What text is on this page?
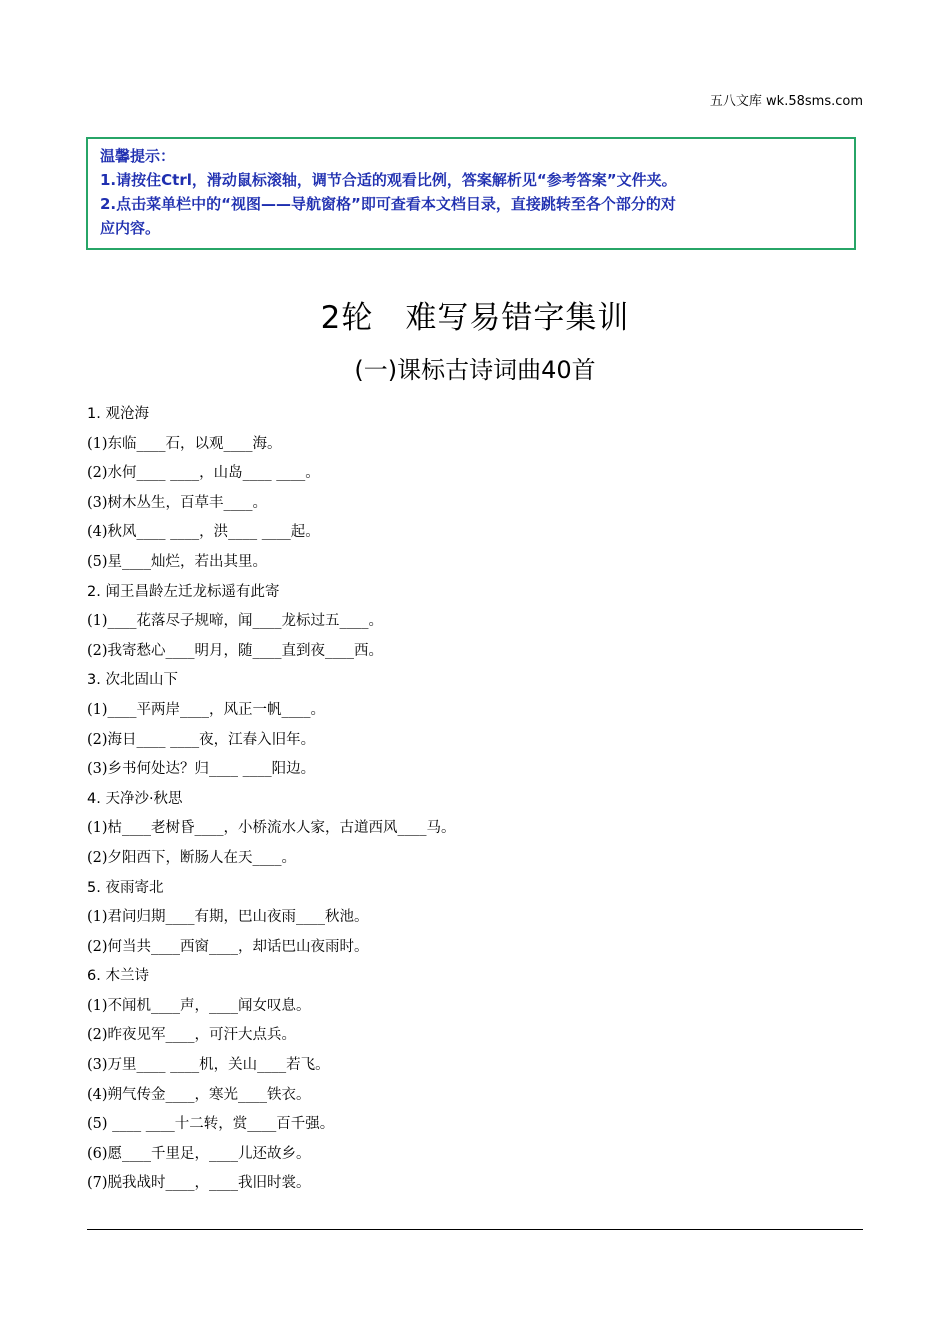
五八文库 wk.58sms.com
温馨提示：
1.请按住Ctrl，滑动鼠标滚轴，调节合适的观看比例，答案解析见“参考答案”文件夹。
2.点击菜单栏中的“视图——导航窗格”即可查看本文档目录，直接跳转至各个部分的对
应内容。
2轮　难写易错字集训
(一)课标古诗词曲40首
1. 观沧海
(1)东临____石，以观____海。
(2)水何____ ____，山岛____ ____。
(3)树木丛生，百草丰____。
(4)秋风____ ____，洪____ ____起。
(5)星____灿烂，若出其里。
2. 闻王昌龄左迁龙标遥有此寄
(1)____花落尽子规啼，闻____龙标过五____。
(2)我寄愁心____明月，随____直到夜____西。
3. 次北固山下
(1)____平两岸____，风正一帆____。
(2)海日____ ____夜，江春入旧年。
(3)乡书何处达？归____ ____阳边。
4. 天净沙·秋思
(1)枯____老树昏____，小桥流水人家，古道西风____马。
(2)夕阳西下，断肠人在天____。
5. 夜雨寄北
(1)君问归期____有期，巴山夜雨____秋池。
(2)何当共____西窗____，却话巴山夜雨时。
6. 木兰诗
(1)不闻机____声，____闻女叹息。
(2)昨夜见军____，可汗大点兵。
(3)万里____ ____机，关山____若飞。
(4)朔气传金____，寒光____铁衣。
(5) ____ ____十二转，赏____百千强。
(6)愿____千里足，____儿还故乡。
(7)脱我战时____，____我旧时裳。
